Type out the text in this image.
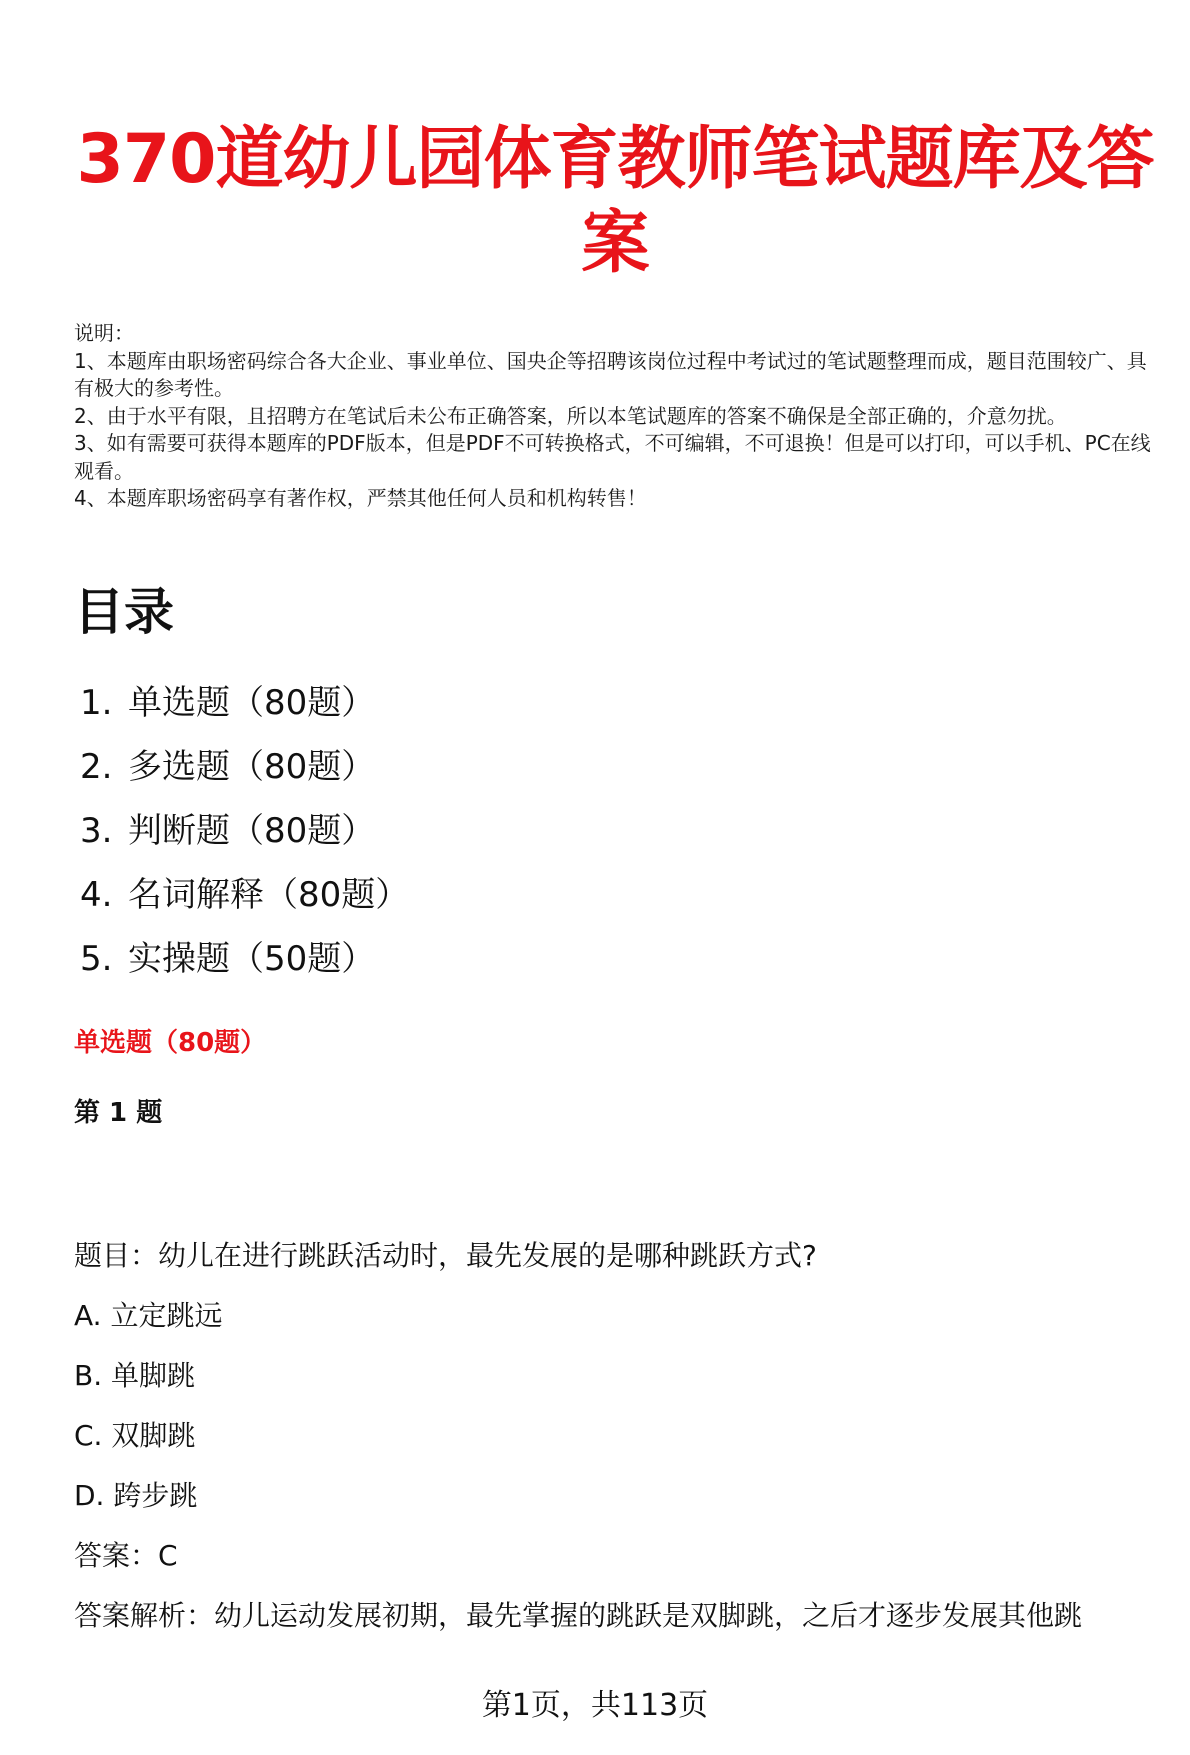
370道幼儿园体育教师笔试题库及答案
说明：
1、本题库由职场密码综合各大企业、事业单位、国央企等招聘该岗位过程中考试过的笔试题整理而成，题目范围较广、具有极大的参考性。
2、由于水平有限，且招聘方在笔试后未公布正确答案，所以本笔试题库的答案不确保是全部正确的，介意勿扰。
3、如有需要可获得本题库的PDF版本，但是PDF不可转换格式，不可编辑，不可退换！但是可以打印，可以手机、PC在线观看。
4、本题库职场密码享有著作权，严禁其他任何人员和机构转售！
目录
1. 单选题（80题）
2. 多选题（80题）
3. 判断题（80题）
4. 名词解释（80题）
5. 实操题（50题）
单选题（80题）
第 1 题
题目：幼儿在进行跳跃活动时，最先发展的是哪种跳跃方式?
A. 立定跳远
B. 单脚跳
C. 双脚跳
D. 跨步跳
答案：C
答案解析：幼儿运动发展初期，最先掌握的跳跃是双脚跳，之后才逐步发展其他跳
第1页，共113页
